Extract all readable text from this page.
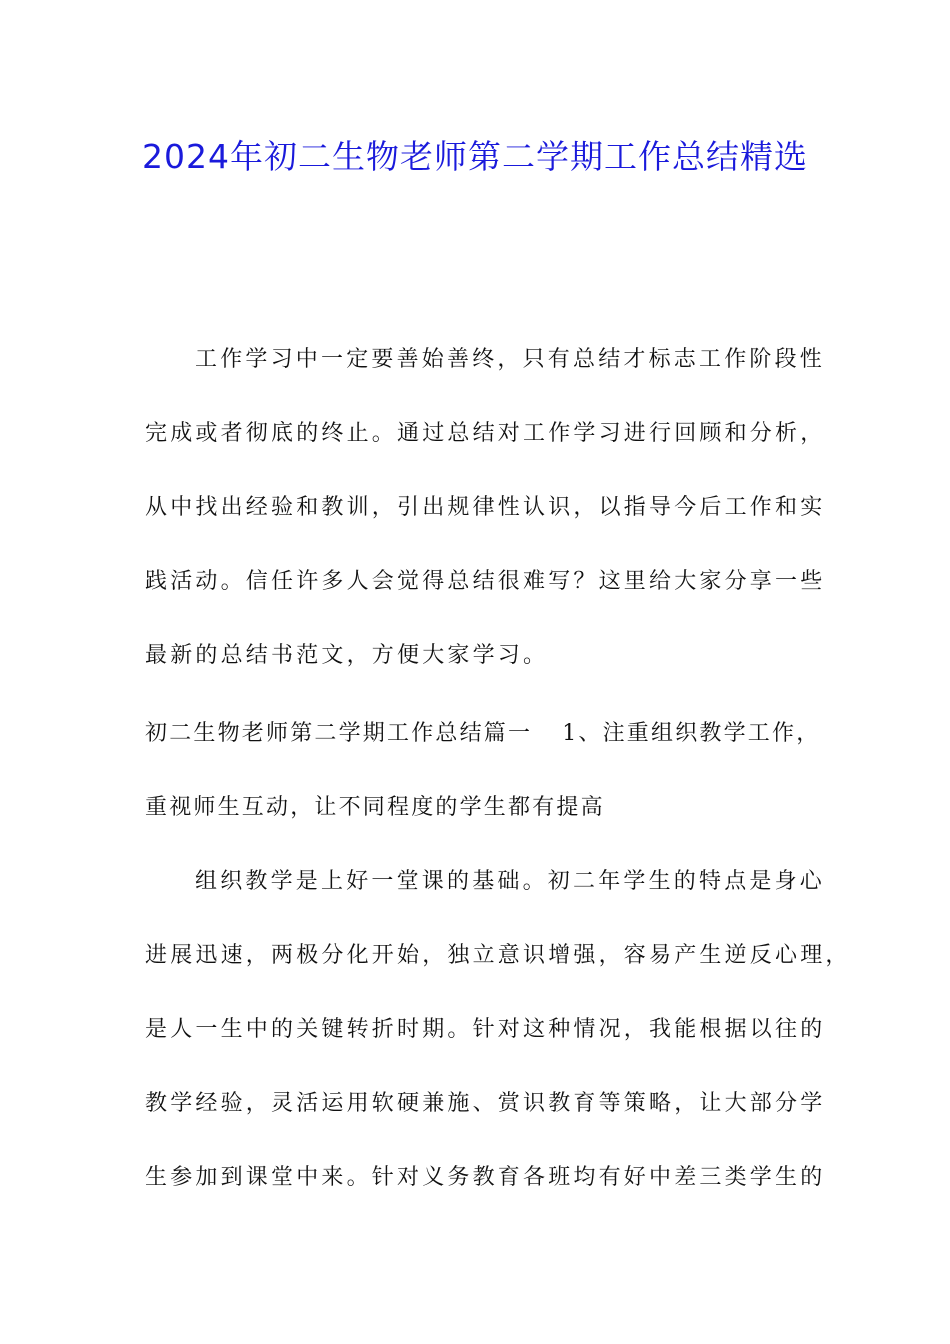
2024年初二生物老师第二学期工作总结精选
工作学习中一定要善始善终，只有总结才标志工作阶段性
完成或者彻底的终止。通过总结对工作学习进行回顾和分析，
从中找出经验和教训，引出规律性认识，以指导今后工作和实
践活动。信任许多人会觉得总结很难写？这里给大家分享一些
最新的总结书范文，方便大家学习。
初二生物老师第二学期工作总结篇一 1、注重组织教学工作，
重视师生互动，让不同程度的学生都有提高
组织教学是上好一堂课的基础。初二年学生的特点是身心
进展迅速，两极分化开始，独立意识增强，容易产生逆反心理，
是人一生中的关键转折时期。针对这种情况，我能根据以往的
教学经验，灵活运用软硬兼施、赏识教育等策略，让大部分学
生参加到课堂中来。针对义务教育各班均有好中差三类学生的
